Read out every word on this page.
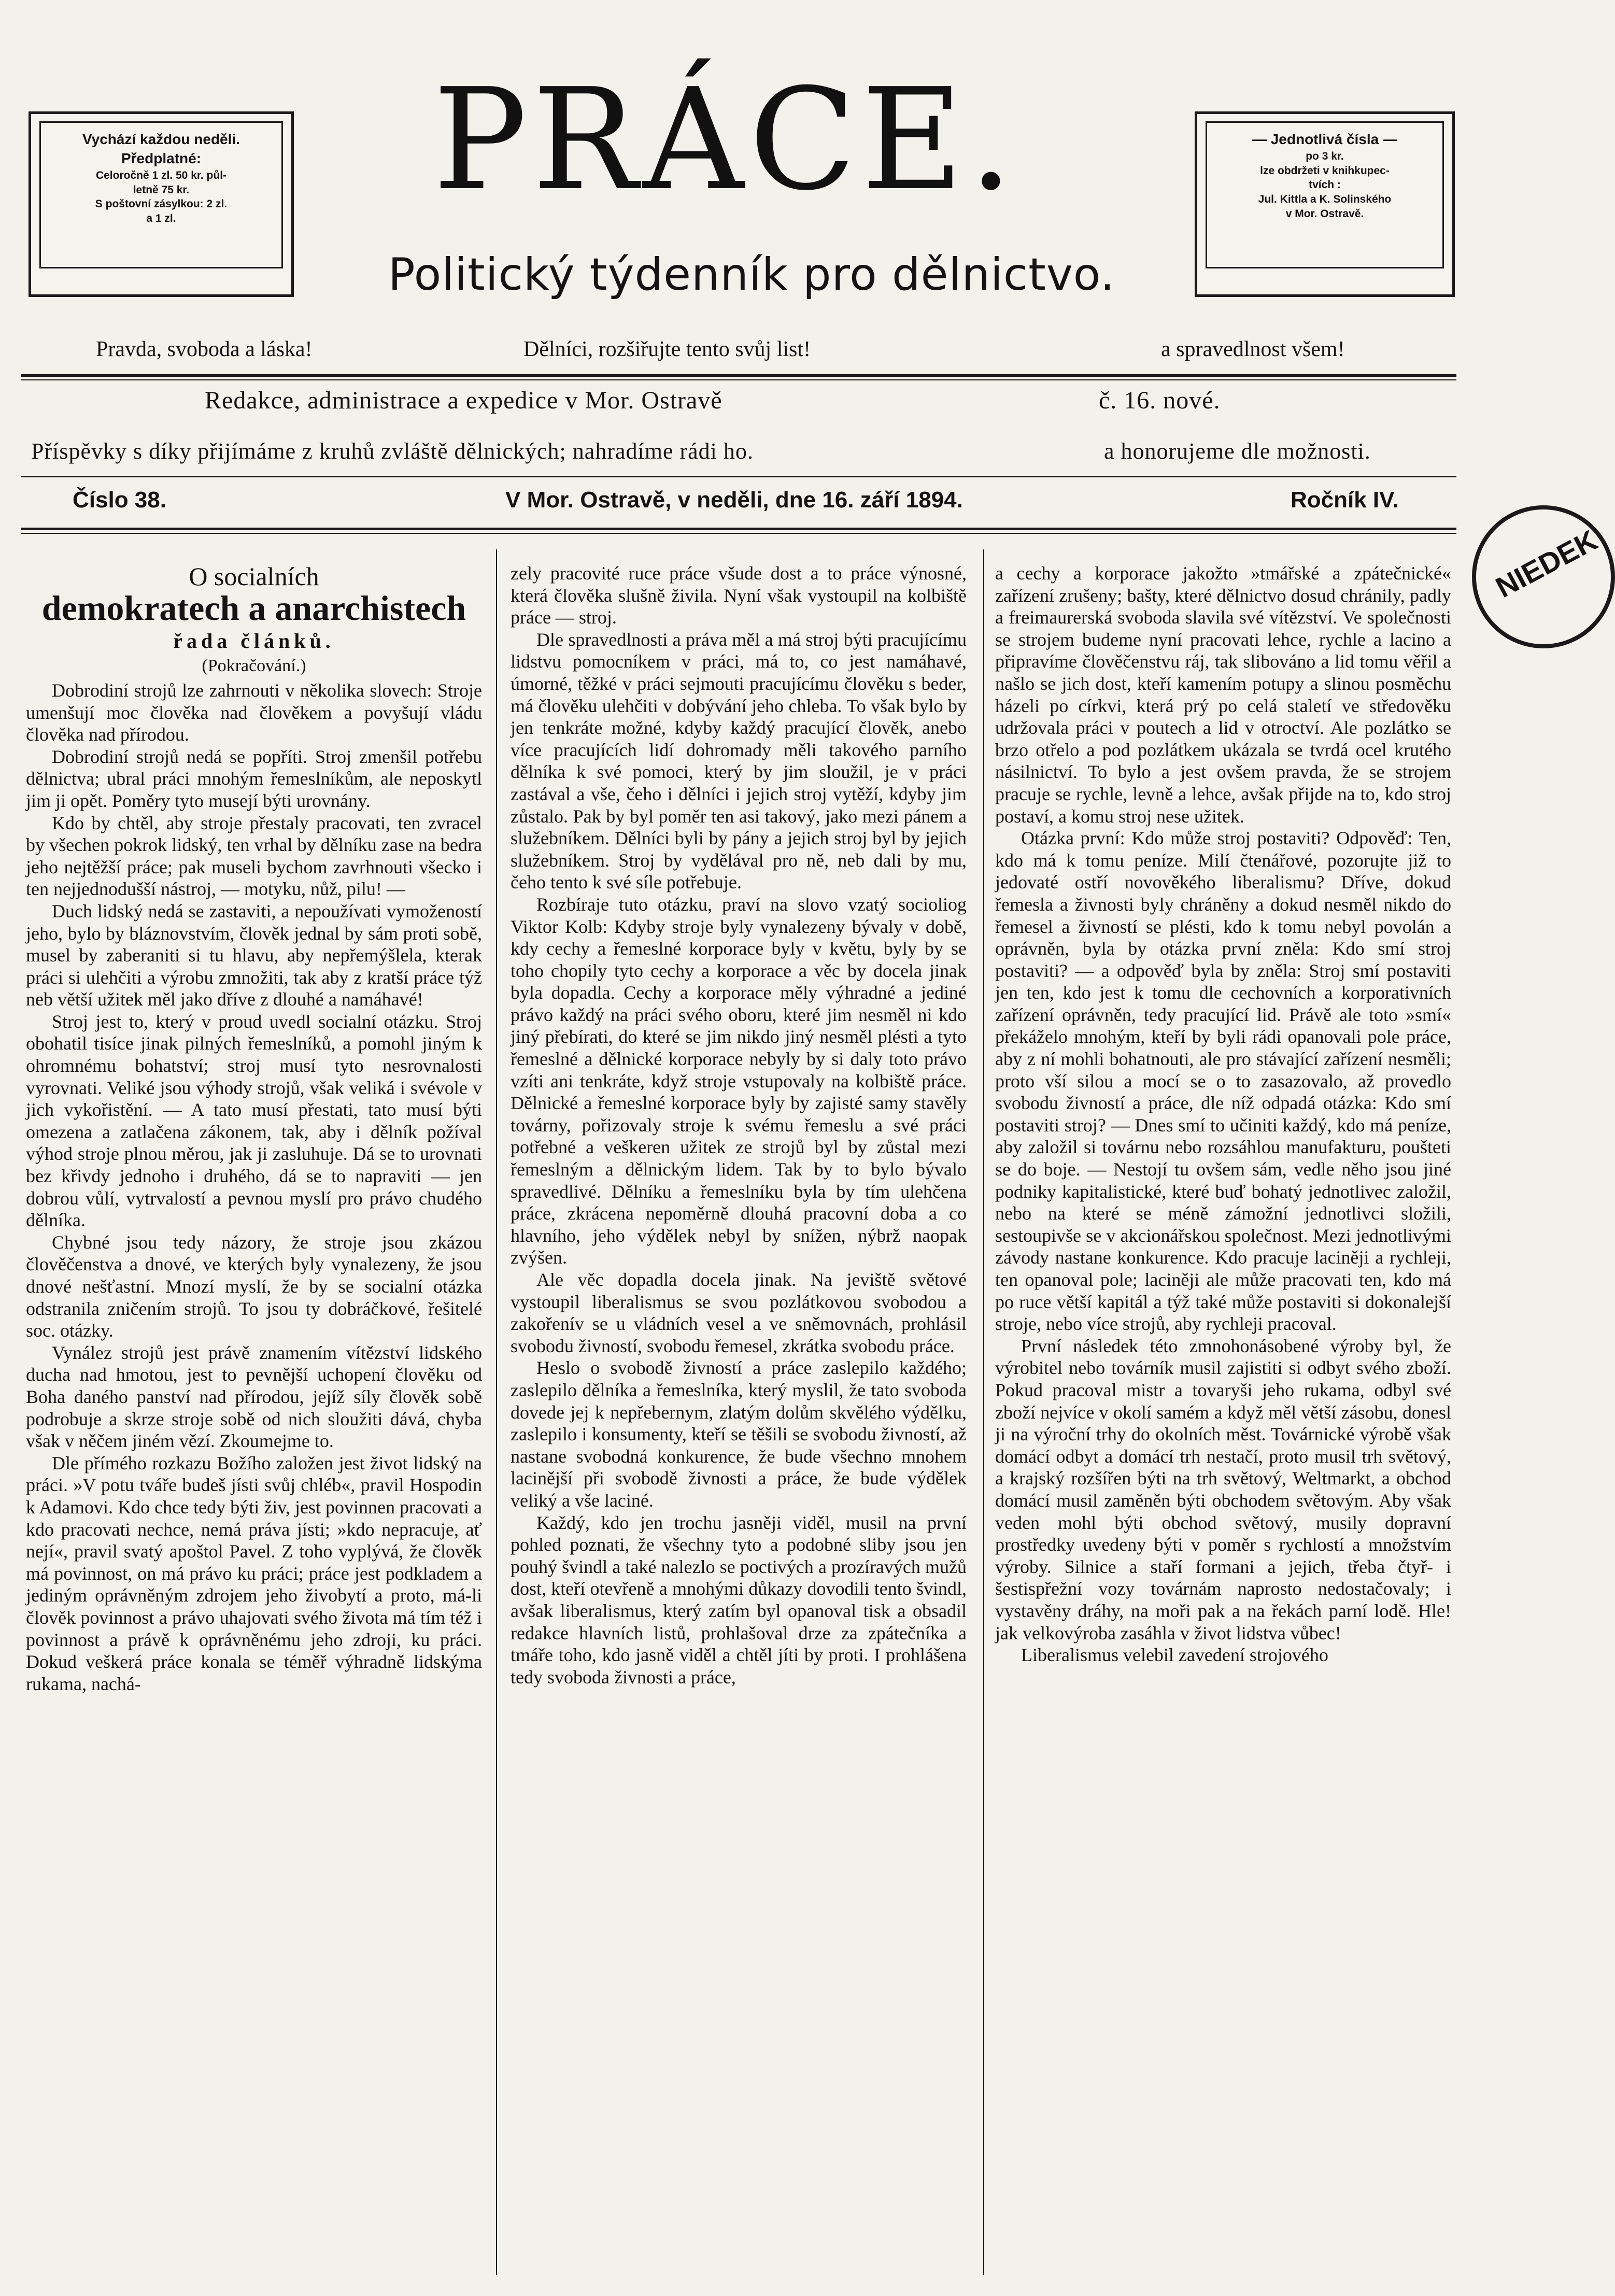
Vychází každou neděli.
Předplatné:
Celoročně 1 zl. 50 kr. půl-
letně 75 kr.
S poštovní zásylkou: 2 zl.
a 1 zl.
— Jednotlivá čísla —
po 3 kr.
lze obdržeti v knihkupec-
tvích :
Jul. Kittla a K. Solinského
v Mor. Ostravě.
PRÁCE.
Politický týdenník pro dělnictvo.
Pravda, svoboda a láska!	Dělníci, rozšiřujte tento svůj list!	a spravedlnost všem!
Redakce, administrace a expedice v Mor. Ostravě	č. 16. nové.
Příspěvky s díky přijímáme z kruhů zvláště dělnických; nahradíme rádi ho.	a honorujeme dle možnosti.
Číslo 38.	V Mor. Ostravě, v neděli, dne 16. září 1894.	Ročník IV.
NIEDEK
O socialních
demokratech a anarchistech
řada článků.
(Pokračování.)

Dobrodiní strojů lze zahrnouti v několika slovech: Stroje umenšují moc člověka nad člověkem a povyšují vládu člověka nad přírodou.

Dobrodiní strojů nedá se popříti. Stroj zmenšil potřebu dělnictva; ubral práci mnohým řemeslníkům, ale neposkytl jim ji opět. Poměry tyto musejí býti urovnány.

Kdo by chtěl, aby stroje přestaly pracovati, ten zvracel by všechen pokrok lidský, ten vrhal by dělníku zase na bedra jeho nejtěžší práce; pak museli bychom zavrhnouti všecko i ten nejjednodušší nástroj, — motyku, nůž, pilu! —

Duch lidský nedá se zastaviti, a nepoužívati vymožeností jeho, bylo by bláznovstvím, člověk jednal by sám proti sobě, musel by zaberaniti si tu hlavu, aby nepřemýšlela, kterak práci si ulehčiti a výrobu zmnožiti, tak aby z kratší práce týž neb větší užitek měl jako dříve z dlouhé a namáhavé!

Stroj jest to, který v proud uvedl socialní otázku. Stroj obohatil tisíce jinak pilných řemeslníků, a pomohl jiným k ohromnému bohatství; stroj musí tyto nesrovnalosti vyrovnati. Veliké jsou výhody strojů, však veliká i svévole v jich vykořistění. — A tato musí přestati, tato musí býti omezena a zatlačena zákonem, tak, aby i dělník požíval výhod stroje plnou měrou, jak ji zasluhuje. Dá se to urovnati bez křivdy jednoho i druhého, dá se to napraviti — jen dobrou vůlí, vytrvalostí a pevnou myslí pro právo chudého dělníka.

Chybné jsou tedy názory, že stroje jsou zkázou člověčenstva a dnové, ve kterých byly vynalezeny, že jsou dnové nešťastní. Mnozí myslí, že by se socialní otázka odstranila zničením strojů. To jsou ty dobráčkové, řešitelé soc. otázky.

Vynález strojů jest právě znamením vítězství lidského ducha nad hmotou, jest to pevnější uchopení člověku od Boha daného panství nad přírodou, jejíž síly člověk sobě podrobuje a skrze stroje sobě od nich sloužiti dává, chyba však v něčem jiném vězí. Zkoumejme to.

Dle přímého rozkazu Božího založen jest život lidský na práci. »V potu tváře budeš jísti svůj chléb«, pravil Hospodin k Adamovi. Kdo chce tedy býti živ, jest povinnen pracovati a kdo pracovati nechce, nemá práva jísti; »kdo nepracuje, ať nejí«, pravil svatý apoštol Pavel. Z toho vyplývá, že člověk má povinnost, on má právo ku práci; práce jest podkladem a jediným oprávněným zdrojem jeho živobytí a proto, má-li člověk povinnost a právo uhajovati svého života má tím též i povinnost a právě k oprávněnému jeho zdroji, ku práci. Dokud veškerá práce konala se téměř výhradně lidskýma rukama, nachá-

zely pracovité ruce práce všude dost a to práce výnosné, která člověka slušně živila. Nyní však vystoupil na kolbiště práce — stroj.

Dle spravedlnosti a práva měl a má stroj býti pracujícímu lidstvu pomocníkem v práci, má to, co jest namáhavé, úmorné, těžké v práci sejmouti pracujícímu člověku s beder, má člověku ulehčiti v dobývání jeho chleba. To však bylo by jen tenkráte možné, kdyby každý pracující člověk, anebo více pracujících lidí dohromady měli takového parního dělníka k své pomoci, který by jim sloužil, je v práci zastával a vše, čeho i dělníci i jejich stroj vytěží, kdyby jim zůstalo. Pak by byl poměr ten asi takový, jako mezi pánem a služebníkem. Dělníci byli by pány a jejich stroj byl by jejich služebníkem. Stroj by vydělával pro ně, neb dali by mu, čeho tento k své síle potřebuje.

Rozbíraje tuto otázku, praví na slovo vzatý socioliog Viktor Kolb: Kdyby stroje byly vynalezeny bývaly v době, kdy cechy a řemeslné korporace byly v květu, byly by se toho chopily tyto cechy a korporace a věc by docela jinak byla dopadla. Cechy a korporace měly výhradné a jediné právo každý na práci svého oboru, které jim nesměl ni kdo jiný přebírati, do které se jim nikdo jiný nesměl plésti a tyto řemeslné a dělnické korporace nebyly by si daly toto právo vzíti ani tenkráte, když stroje vstupovaly na kolbiště práce. Dělnické a řemeslné korporace byly by zajisté samy stavěly továrny, pořizovaly stroje k svému řemeslu a své práci potřebné a veškeren užitek ze strojů byl by zůstal mezi řemeslným a dělnickým lidem. Tak by to bylo bývalo spravedlivé. Dělníku a řemeslníku byla by tím ulehčena práce, zkrácena nepoměrně dlouhá pracovní doba a co hlavního, jeho výdělek nebyl by snížen, nýbrž naopak zvýšen.

Ale věc dopadla docela jinak. Na jeviště světové vystoupil liberalismus se svou pozlátkovou svobodou a zakořenív se u vládních vesel a ve sněmovnách, prohlásil svobodu živností, svobodu řemesel, zkrátka svobodu práce.

Heslo o svobodě živností a práce zaslepilo každého; zaslepilo dělníka a řemeslníka, který myslil, že tato svoboda dovede jej k nepřebernym, zlatým dolům skvělého výdělku, zaslepilo i konsumenty, kteří se těšili se svobodu živností, až nastane svobodná konkurence, že bude všechno mnohem lacinější při svobodě živnosti a práce, že bude výdělek veliký a vše laciné.

Každý, kdo jen trochu jasněji viděl, musil na první pohled poznati, že všechny tyto a podobné sliby jsou jen pouhý švindl a také nalezlo se poctivých a prozíravých mužů dost, kteří otevřeně a mnohými důkazy dovodili tento švindl, avšak liberalismus, který zatím byl opanoval tisk a obsadil redakce hlavních listů, prohlašoval drze za zpátečníka a tmáře toho, kdo jasně viděl a chtěl jíti by proti. I prohlášena tedy svoboda živnosti a práce,

a cechy a korporace jakožto »tmářské a zpátečnické« zařízení zrušeny; bašty, které dělnictvo dosud chránily, padly a freimaurerská svoboda slavila své vítězství. Ve společnosti se strojem budeme nyní pracovati lehce, rychle a lacino a připravíme člověčenstvu ráj, tak slibováno a lid tomu věřil a našlo se jich dost, kteří kamením potupy a slinou posměchu házeli po církvi, která prý po celá staletí ve středověku udržovala práci v poutech a lid v otroctví. Ale pozlátko se brzo otřelo a pod pozlátkem ukázala se tvrdá ocel krutého násilnictví. To bylo a jest ovšem pravda, že se strojem pracuje se rychle, levně a lehce, avšak přijde na to, kdo stroj postaví, a komu stroj nese užitek.

Otázka první: Kdo může stroj postaviti? Odpověď: Ten, kdo má k tomu peníze. Milí čtenářové, pozorujte již to jedovaté ostří novověkého liberalismu? Dříve, dokud řemesla a živnosti byly chráněny a dokud nesměl nikdo do řemesel a živností se plésti, kdo k tomu nebyl povolán a oprávněn, byla by otázka první zněla: Kdo smí stroj postaviti? — a odpověď byla by zněla: Stroj smí postaviti jen ten, kdo jest k tomu dle cechovních a korporativních zařízení oprávněn, tedy pracující lid. Právě ale toto »smí« překáželo mnohým, kteří by byli rádi opanovali pole práce, aby z ní mohli bohatnouti, ale pro stávající zařízení nesměli; proto vší silou a mocí se o to zasazovalo, až provedlo svobodu živností a práce, dle níž odpadá otázka: Kdo smí postaviti stroj? — Dnes smí to učiniti každý, kdo má peníze, aby založil si továrnu nebo rozsáhlou manufakturu, poušteti se do boje. — Nestojí tu ovšem sám, vedle něho jsou jiné podniky kapitalistické, které buď bohatý jednotlivec založil, nebo na které se méně zámožní jednotlivci složili, sestoupivše se v akcionářskou společnost. Mezi jednotlivými závody nastane konkurence. Kdo pracuje laciněji a rychleji, ten opanoval pole; laciněji ale může pracovati ten, kdo má po ruce větší kapitál a týž také může postaviti si dokonalejší stroje, nebo více strojů, aby rychleji pracoval.

První následek této zmnohonásobené výroby byl, že výrobitel nebo továrník musil zajistiti si odbyt svého zboží. Pokud pracoval mistr a tovaryši jeho rukama, odbyl své zboží nejvíce v okolí samém a když měl větší zásobu, donesl ji na výroční trhy do okolních měst. Továrnické výrobě však domácí odbyt a domácí trh nestačí, proto musil trh světový, a krajský rozšířen býti na trh světový, Weltmarkt, a obchod domácí musil zaměněn býti obchodem světovým. Aby však veden mohl býti obchod světový, musily dopravní prostředky uvedeny býti v poměr s rychlostí a množstvím výroby. Silnice a staří formani a jejich, třeba čtyř- i šestispřežní vozy továrnám naprosto nedostačovaly; i vystavěny dráhy, na moři pak a na řekách parní lodě. Hle! jak velkovýroba zasáhla v život lidstva vůbec!

Liberalismus velebil zavedení strojového
